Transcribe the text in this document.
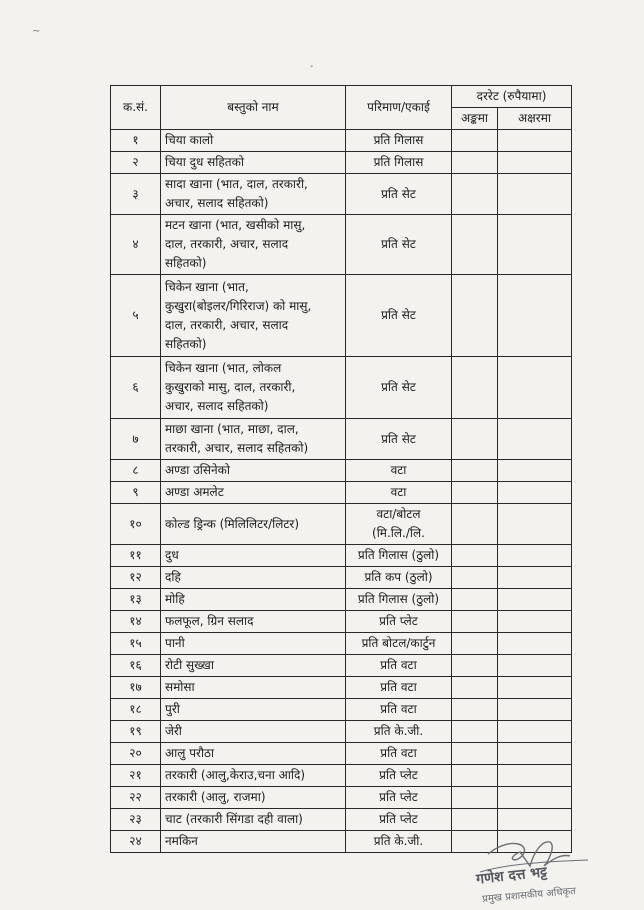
~
ﾞ
क.सं.	बस्तुको नाम	परिमाण/एकाई	दररेट (रुपैयामा)	
			अङ्कमा	अक्षरमा
१	चिया कालो	प्रति गिलास		

२	चिया दुध सहितको	प्रति गिलास		

३	सादा खाना (भात, दाल, तरकारी,
अचार, सलाद सहितको)	प्रति सेट		

४	मटन खाना (भात, खसीको मासु,
दाल, तरकारी, अचार, सलाद
सहितको)	प्रति सेट		

५	चिकेन खाना (भात,
कुखुरा(बोइलर/गिरिराज) को मासु,
दाल, तरकारी, अचार, सलाद
सहितको)	प्रति सेट		

६	चिकेन खाना (भात, लोकल
कुखुराको मासु, दाल, तरकारी,
अचार, सलाद सहितको)	प्रति सेट		

७	माछा खाना (भात, माछा, दाल,
तरकारी, अचार, सलाद सहितको)	प्रति सेट		

८	अण्डा उसिनेको	वटा		

९	अण्डा अमलेट	वटा		

१०	कोल्ड ड्रिन्क (मिलिलिटर/लिटर)	वटा/बोटल
(मि.लि./लि.		

११	दुध	प्रति गिलास (ठुलो)		

१२	दहि	प्रति कप (ठुलो)		

१३	मोहि	प्रति गिलास (ठुलो)		

१४	फलफूल, ग्रिन सलाद	प्रति प्लेट		

१५	पानी	प्रति बोटल/कार्टुन		

१६	रोटी सुख्खा	प्रति वटा		

१७	समोसा	प्रति वटा		

१८	पुरी	प्रति वटा		

१९	जेरी	प्रति के.जी.		

२०	आलु परौठा	प्रति वटा		

२१	तरकारी (आलु,केराउ,चना आदि)	प्रति प्लेट		

२२	तरकारी (आलु, राजमा)	प्रति प्लेट		

२३	चाट (तरकारी सिंगडा दही वाला)	प्रति प्लेट		

२४	नमकिन	प्रति के.जी.		

गणेश दत्त भट्ट
प्रमुख प्रशासकीय अधिकृत
